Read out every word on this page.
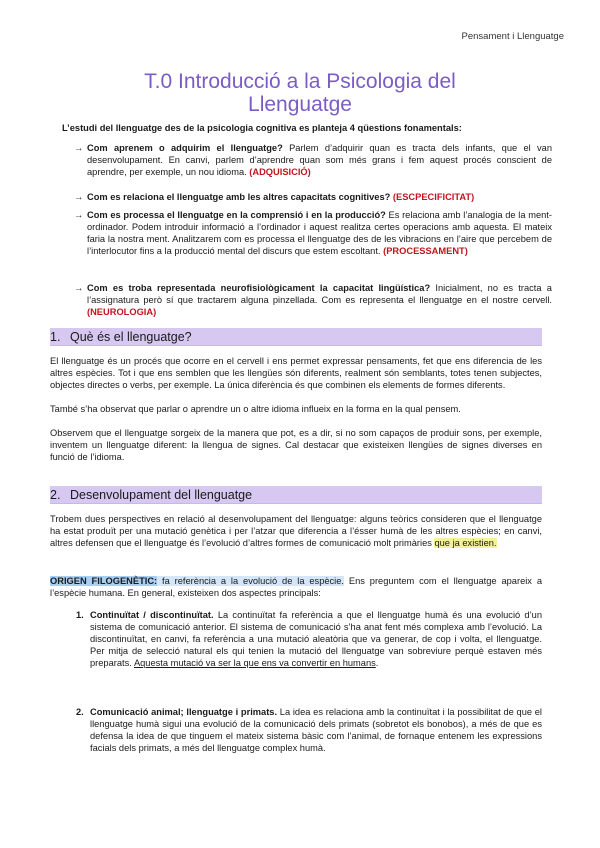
Pensament i Llenguatge
T.0 Introducció a la Psicologia del
Llenguatge
L’estudi del llenguatge des de la psicologia cognitiva es planteja 4 qüestions fonamentals:
→ Com aprenem o adquirim el llenguatge? Parlem d’adquirir quan es tracta dels infants, que el van desenvolupament. En canvi, parlem d’aprendre quan som més grans i fem aquest procés conscient de aprendre, per exemple, un nou idioma. (ADQUISICIÓ)
→ Com es relaciona el llenguatge amb les altres capacitats cognitives? (ESCPECIFICITAT)
→ Com es processa el llenguatge en la comprensió i en la producció? Es relaciona amb l’analogia de la ment-ordinador. Podem introduir informació a l’ordinador i aquest realitza certes operacions amb aquesta. El mateix faria la nostra ment. Analitzarem com es processa el llenguatge des de les vibracions en l’aire que percebem de l’interlocutor fins a la producció mental del discurs que estem escoltant. (PROCESSAMENT)
→ Com es troba representada neurofisiològicament la capacitat lingüística? Inicialment, no es tracta a l’assignatura però sí que tractarem alguna pinzellada. Com es representa el llenguatge en el nostre cervell. (NEUROLOGIA)
1. Què és el llenguatge?
El llenguatge és un procés que ocorre en el cervell i ens permet expressar pensaments, fet que ens diferencia de les altres espècies. Tot i que ens semblen que les llengües són diferents, realment són semblants, totes tenen subjectes, objectes directes o verbs, per exemple. La única diferència és que combinen els elements de formes diferents.
També s’ha observat que parlar o aprendre un o altre idioma influeix en la forma en la qual pensem.
Observem que el llenguatge sorgeix de la manera que pot, es a dir, si no som capaços de produir sons, per exemple, inventem un llenguatge diferent: la llengua de signes. Cal destacar que existeixen llengües de signes diverses en funció de l’idioma.
2. Desenvolupament del llenguatge
Trobem dues perspectives en relació al desenvolupament del llenguatge: alguns teòrics consideren que el llenguatge ha estat produït per una mutació genètica i per l’atzar que diferencia a l’ésser humà de les altres espècies; en canvi, altres defensen que el llenguatge és l’evolució d’altres formes de comunicació molt primàries que ja existien.
ORIGEN FILOGENÈTIC: fa referència a la evolució de la espècie. Ens preguntem com el llenguatge apareix a l’espècie humana. En general, existeixen dos aspectes principals:
1. Continuïtat / discontinuïtat. La continuïtat fa referència a que el llenguatge humà és una evolució d’un sistema de comunicació anterior. El sistema de comunicació s’ha anat fent més complexa amb l’evolució. La discontinuïtat, en canvi, fa referència a una mutació aleatòria que va generar, de cop i volta, el llenguatge. Per mitja de selecció natural els qui tenien la mutació del llenguatge van sobreviure perquè estaven més preparats. Aquesta mutació va ser la que ens va convertir en humans.
2. Comunicació animal; llenguatge i primats. La idea es relaciona amb la continuïtat i la possibilitat de que el llenguatge humà sigui una evolució de la comunicació dels primats (sobretot els bonobos), a més de que es defensa la idea de que tinguem el mateix sistema bàsic com l’animal, de fornaque entenem les expressions facials dels primats, a més del llenguatge complex humà.
